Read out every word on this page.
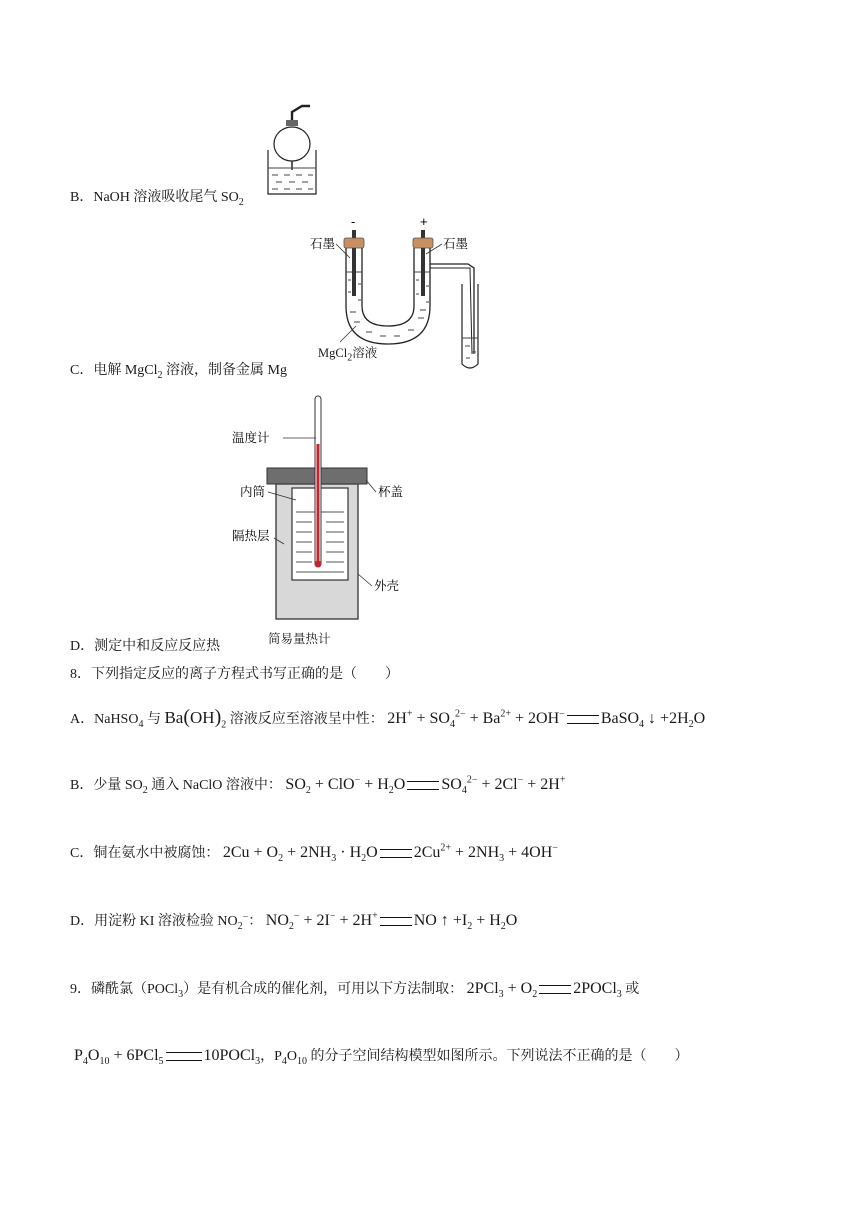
B．NaOH 溶液吸收尾气 $SO_2$
-	+
石墨	石墨
MgCl$_2$溶液
C．电解 MgCl$_2$ 溶液，制备金属 Mg
温度计
内筒	杯盖
隔热层
外壳
简易量热计
D．测定中和反应反应热
8．下列指定反应的离子方程式书写正确的是（　　）
A．NaHSO$_4$ 与 $Ba(OH)_2$ 溶液反应至溶液呈中性： $2H^+ + SO_4^{2-} + Ba^{2+} + 2OH^-$ BaSO$_4$ ↓ $+2H_2O$
B．少量 $SO_2$ 通入 NaClO 溶液中： $SO_2 + ClO^- + H_2O$ $SO_4^{2-} + 2Cl^- + 2H^+$
C．铜在氨水中被腐蚀： $2Cu + O_2 + 2NH_3 \cdot H_2O$ $2Cu^{2+} + 2NH_3 + 4OH^-$
D．用淀粉 KI 溶液检验 $NO_2^-$： $NO_2^- + 2I^- + 2H^+$ NO ↑ $+I_2 + H_2O$
9．磷酰氯（POCl$_3$）是有机合成的催化剂，可用以下方法制取： $2PCl_3 + O_2$ 2POCl$_3$ 或
$P_4O_{10} + 6PCl_5$	10POCl$_3$，$P_4O_{10}$ 的分子空间结构模型如图所示。下列说法不正确的是（　　）
